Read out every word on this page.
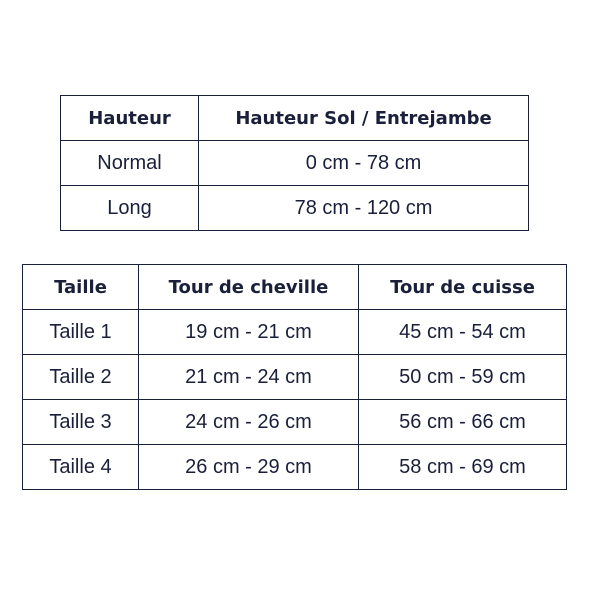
Hauteur	Hauteur Sol / Entrejambe
Normal	0 cm - 78 cm
Long	78 cm - 120 cm
Taille	Tour de cheville	Tour de cuisse
Taille 1	19 cm - 21 cm	45 cm - 54 cm
Taille 2	21 cm - 24 cm	50 cm - 59 cm
Taille 3	24 cm - 26 cm	56 cm - 66 cm
Taille 4	26 cm - 29 cm	58 cm - 69 cm
